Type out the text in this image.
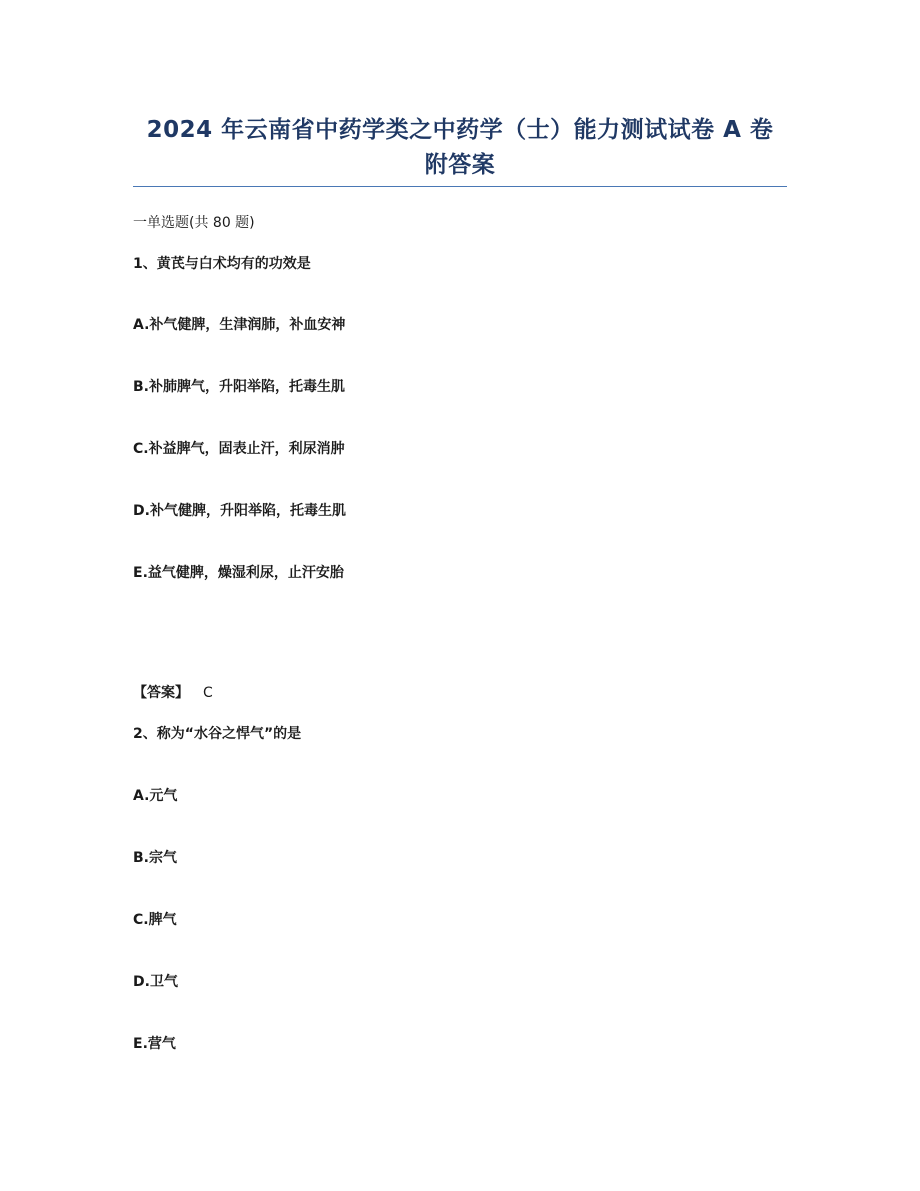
2024 年云南省中药学类之中药学（士）能力测试试卷 A 卷
附答案
一单选题(共 80 题)
1、黄芪与白术均有的功效是
A.补气健脾，生津润肺，补血安神
B.补肺脾气，升阳举陷，托毒生肌
C.补益脾气，固表止汗，利尿消肿
D.补气健脾，升阳举陷，托毒生肌
E.益气健脾，燥湿利尿，止汗安胎
【答案】 C
2、称为“水谷之悍气”的是
A.元气
B.宗气
C.脾气
D.卫气
E.营气
